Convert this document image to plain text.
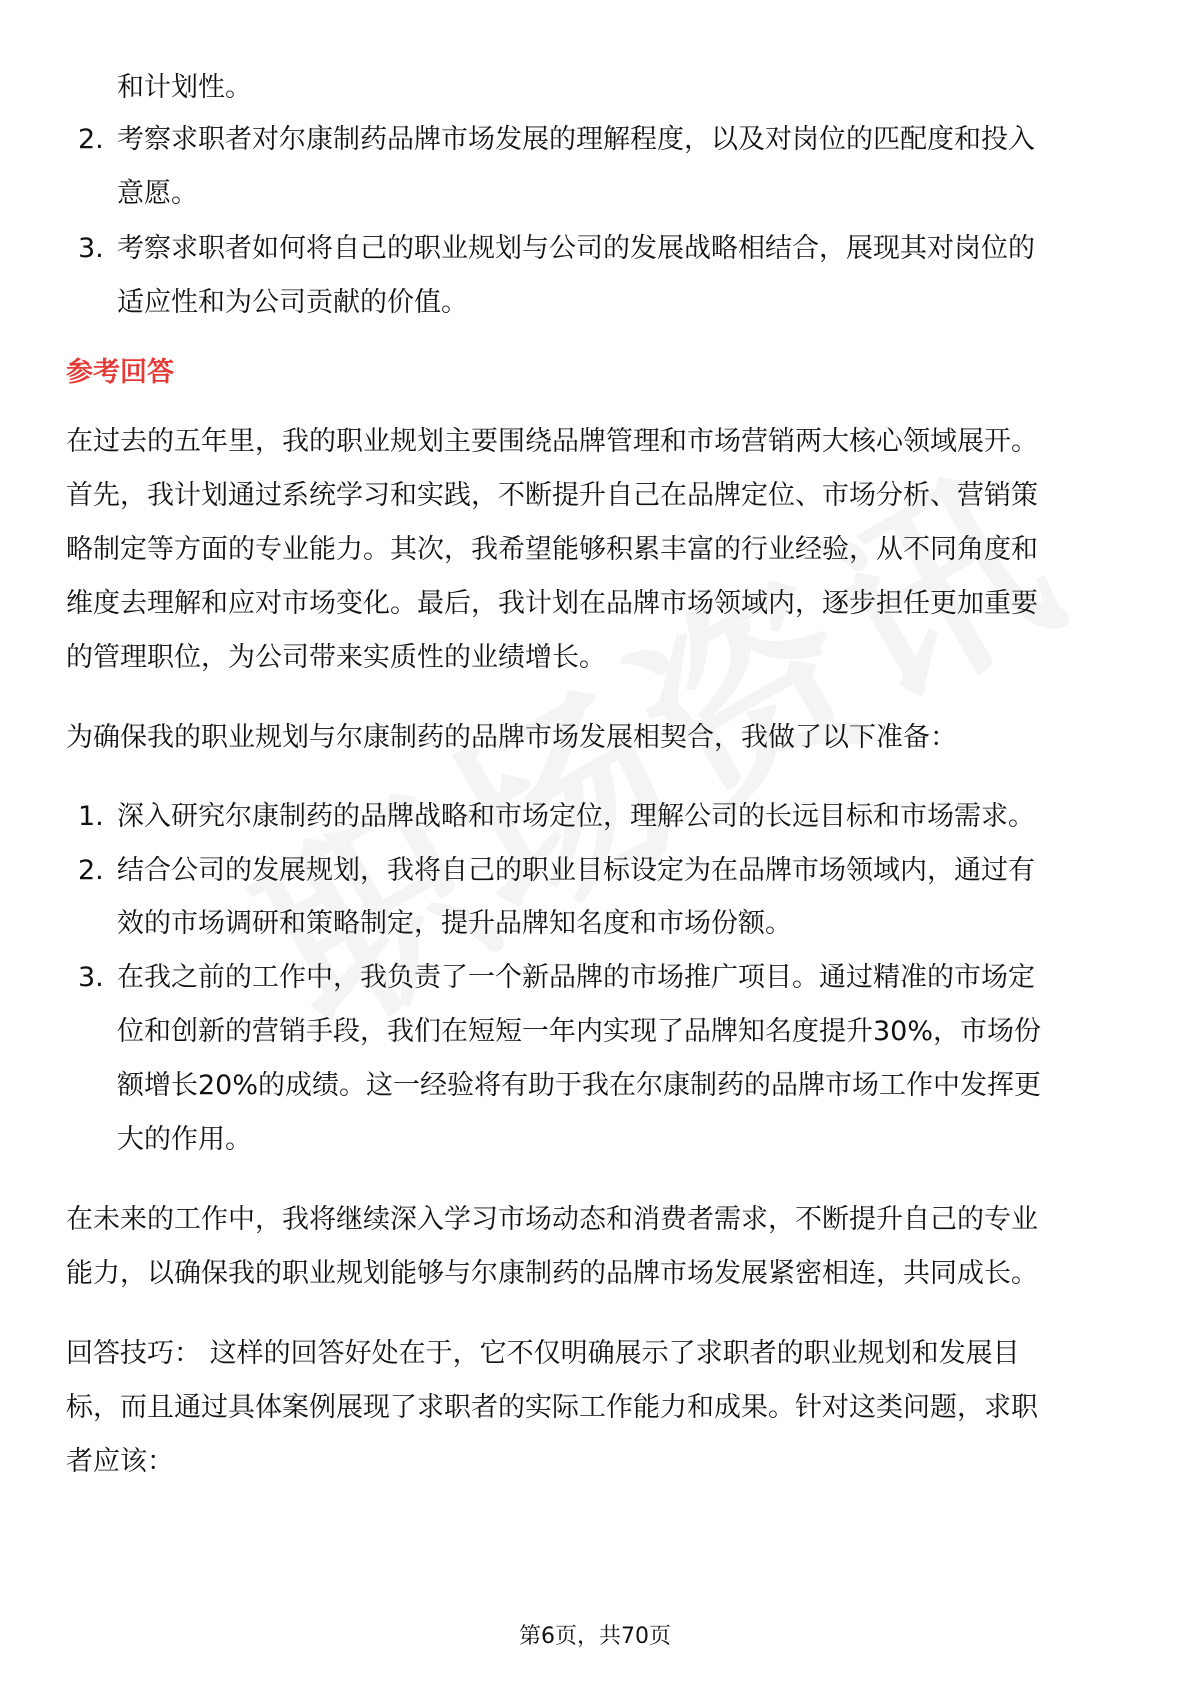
和计划性。
2. 考察求职者对尔康制药品牌市场发展的理解程度，以及对岗位的匹配度和投入
意愿。
3. 考察求职者如何将自己的职业规划与公司的发展战略相结合，展现其对岗位的
适应性和为公司贡献的价值。
参考回答
在过去的五年里，我的职业规划主要围绕品牌管理和市场营销两大核心领域展开。
首先，我计划通过系统学习和实践，不断提升自己在品牌定位、市场分析、营销策
略制定等方面的专业能力。其次，我希望能够积累丰富的行业经验，从不同角度和
维度去理解和应对市场变化。最后，我计划在品牌市场领域内，逐步担任更加重要
的管理职位，为公司带来实质性的业绩增长。
为确保我的职业规划与尔康制药的品牌市场发展相契合，我做了以下准备：
1. 深入研究尔康制药的品牌战略和市场定位，理解公司的长远目标和市场需求。
2. 结合公司的发展规划，我将自己的职业目标设定为在品牌市场领域内，通过有
效的市场调研和策略制定，提升品牌知名度和市场份额。
3. 在我之前的工作中，我负责了一个新品牌的市场推广项目。通过精准的市场定
位和创新的营销手段，我们在短短一年内实现了品牌知名度提升30%，市场份
额增长20%的成绩。这一经验将有助于我在尔康制药的品牌市场工作中发挥更
大的作用。
在未来的工作中，我将继续深入学习市场动态和消费者需求，不断提升自己的专业
能力，以确保我的职业规划能够与尔康制药的品牌市场发展紧密相连，共同成长。
回答技巧： 这样的回答好处在于，它不仅明确展示了求职者的职业规划和发展目
标，而且通过具体案例展现了求职者的实际工作能力和成果。针对这类问题，求职
者应该：
第6页，共70页
